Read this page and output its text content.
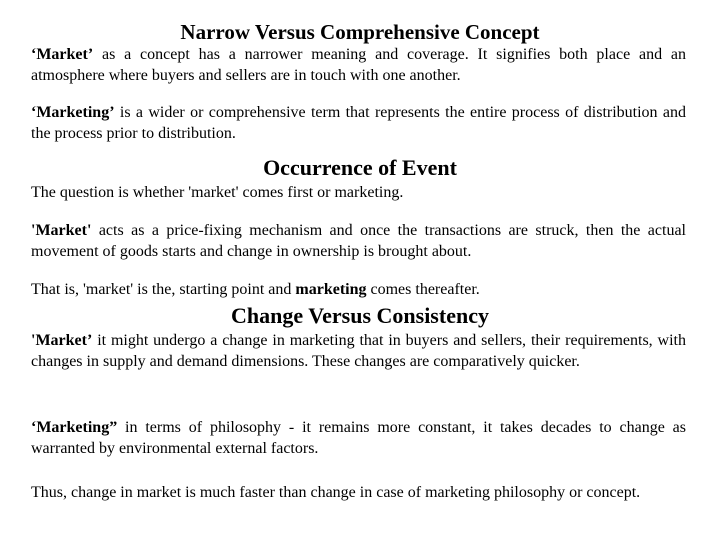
Narrow Versus Comprehensive Concept

‘Market’ as a concept has a narrower meaning and coverage. It signifies both place and an atmosphere where buyers and sellers are in touch with one another.

‘Marketing’ is a wider or comprehensive term that represents the entire process of distribution and the process prior to distribution.

Occurrence of Event

The question is whether 'market' comes first or marketing.

'Market' acts as a price-fixing mechanism and once the transactions are struck, then the actual movement of goods starts and change in ownership is brought about.

That is, 'market' is the, starting point and marketing comes thereafter.

Change Versus Consistency

'Market’ it might undergo a change in marketing that in buyers and sellers, their requirements, with changes in supply and demand dimensions. These changes are comparatively quicker.

‘Marketing” in terms of philosophy - it remains more constant, it takes decades to change as warranted by environmental external factors.

Thus, change in market is much faster than change in case of marketing philosophy or concept.
